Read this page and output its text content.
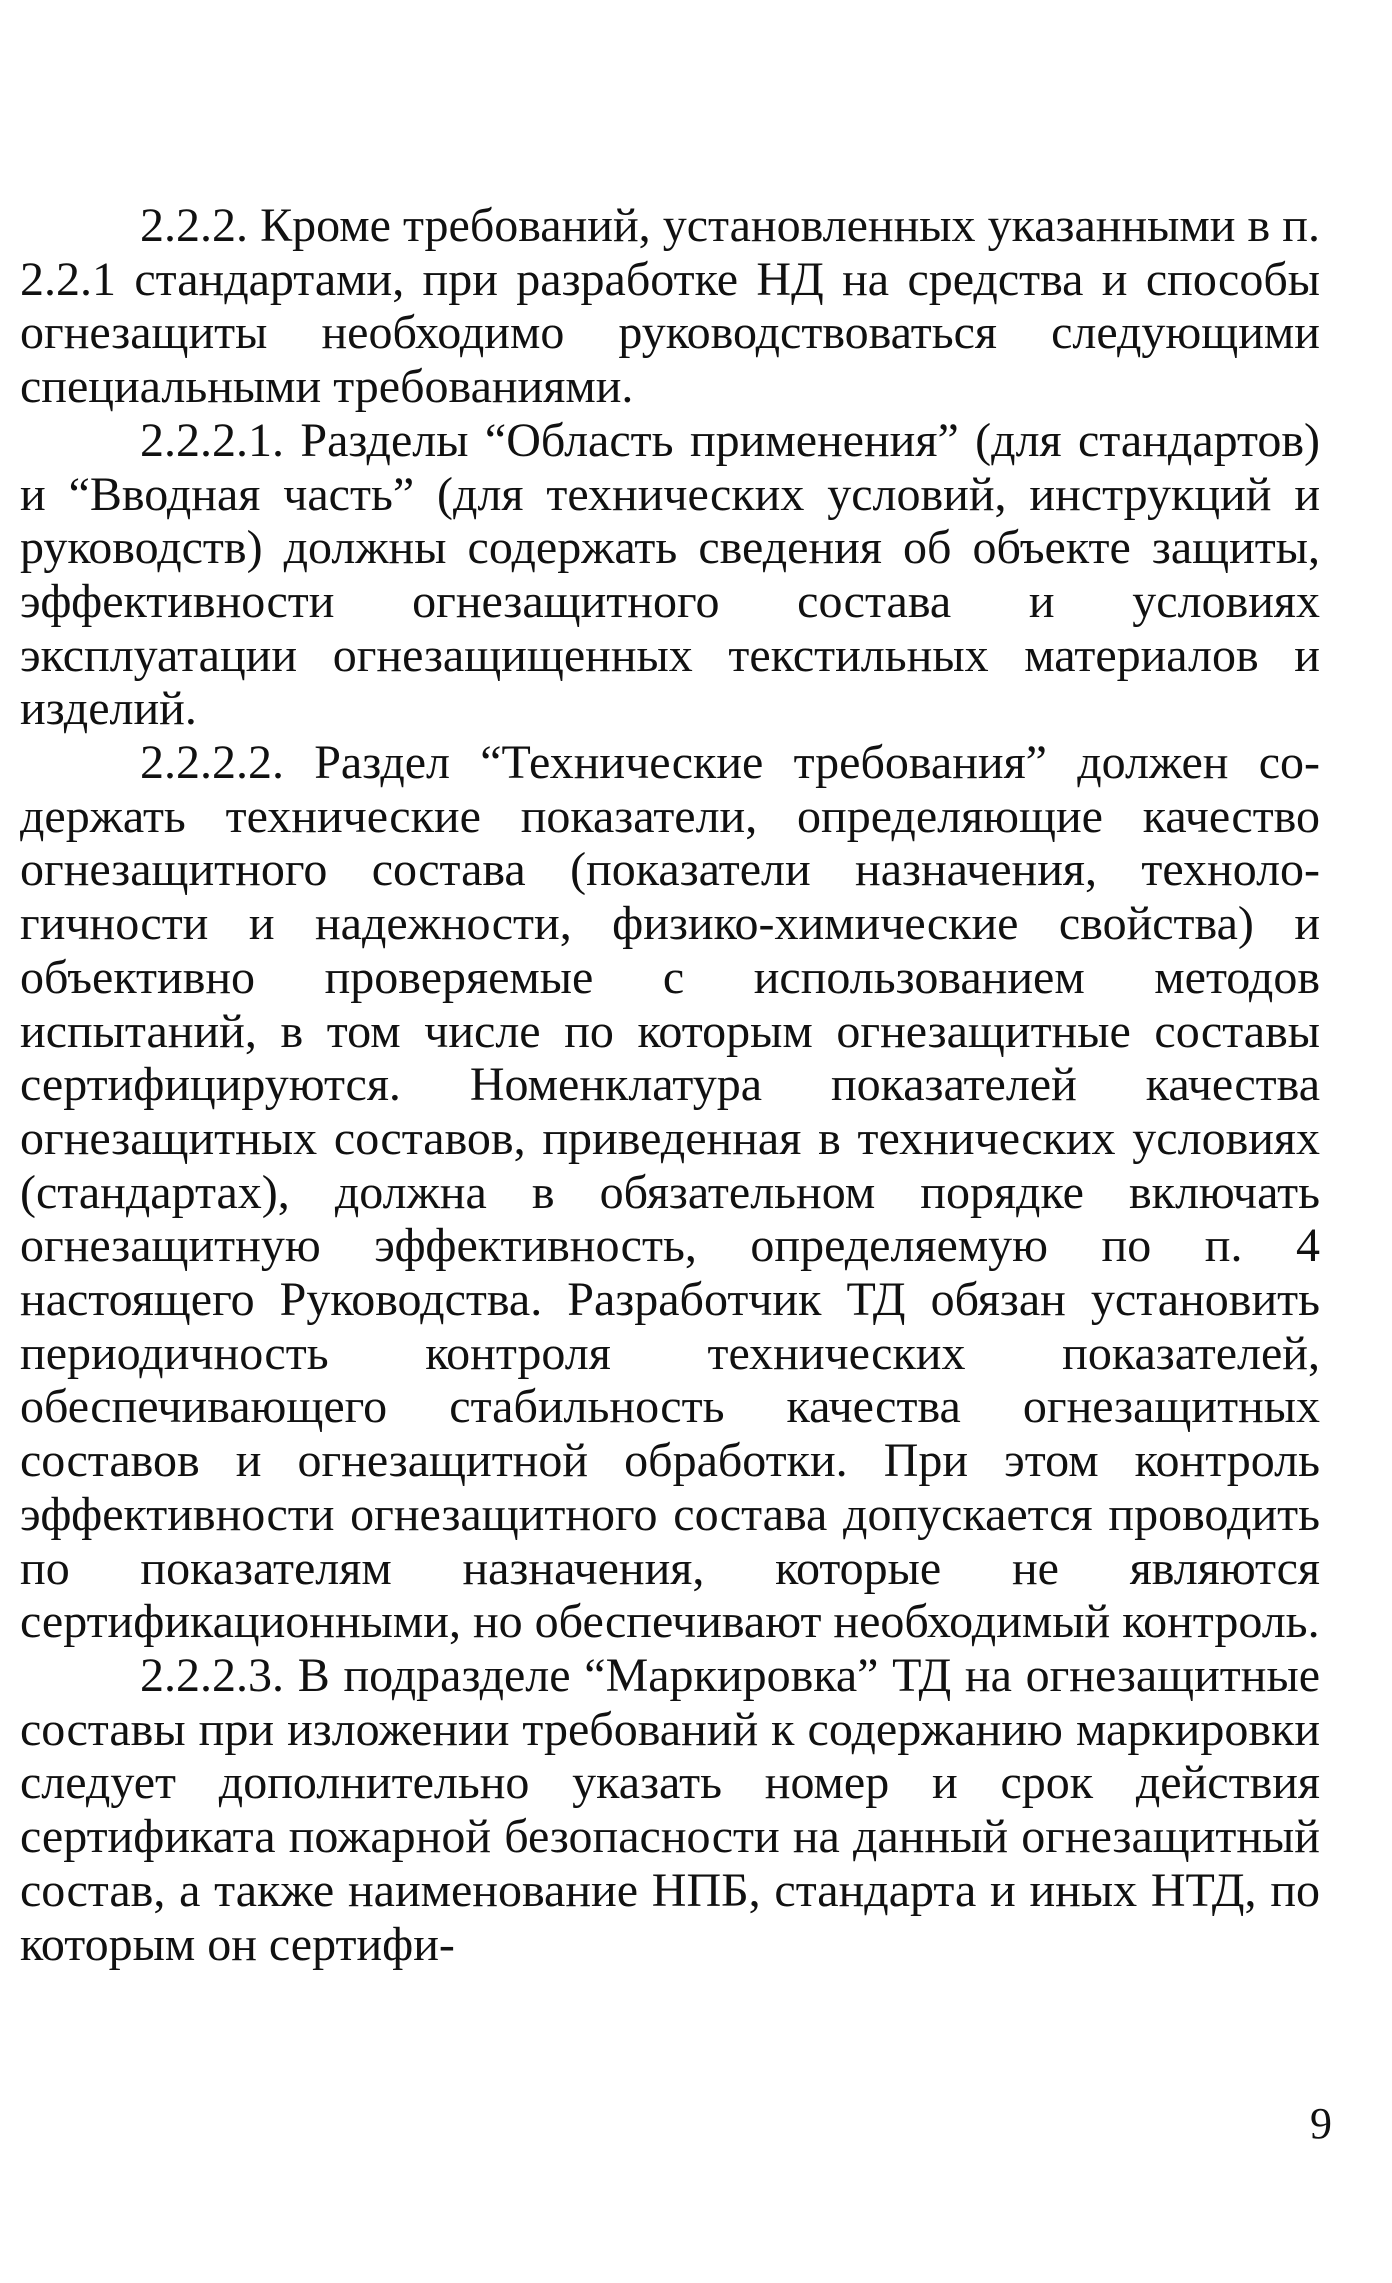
2.2.2. Кроме требований, установленных указанными в п. 2.2.1 стандартами, при разработке НД на средства и способы огнезащиты необходимо руководствоваться следующими специальными требованиями.

2.2.2.1. Разделы “Область применения” (для стандартов) и “Вводная часть” (для технических условий, инструкций и руководств) должны содержать сведения об объекте защиты, эффективности огнезащитного состава и условиях эксплуатации огнезащищенных текстильных материалов и изделий.

2.2.2.2. Раздел “Технические требования” должен содержать технические показатели, определяющие качество огнезащитного состава (показатели назначения, технологичности и надежности, физико-химические свойства) и объективно проверяемые с использованием методов испытаний, в том числе по которым огнезащитные составы сертифицируются. Номенклатура показателей качества огнезащитных составов, приведенная в технических условиях (стандартах), должна в обязательном порядке включать огнезащитную эффективность, определяемую по п. 4 настоящего Руководства. Разработчик ТД обязан установить периодичность контроля технических показателей, обеспечивающего стабильность качества огнезащитных составов и огнезащитной обработки. При этом контроль эффективности огнезащитного состава допускается проводить по показателям назначения, которые не являются сертификационными, но обеспечивают необходимый контроль.

2.2.2.3. В подразделе “Маркировка” ТД на огнезащитные составы при изложении требований к содержанию маркировки следует дополнительно указать номер и срок действия сертификата пожарной безопасности на данный огнезащитный состав, а также наименование НПБ, стандарта и иных НТД, по которым он сертифи-

9
